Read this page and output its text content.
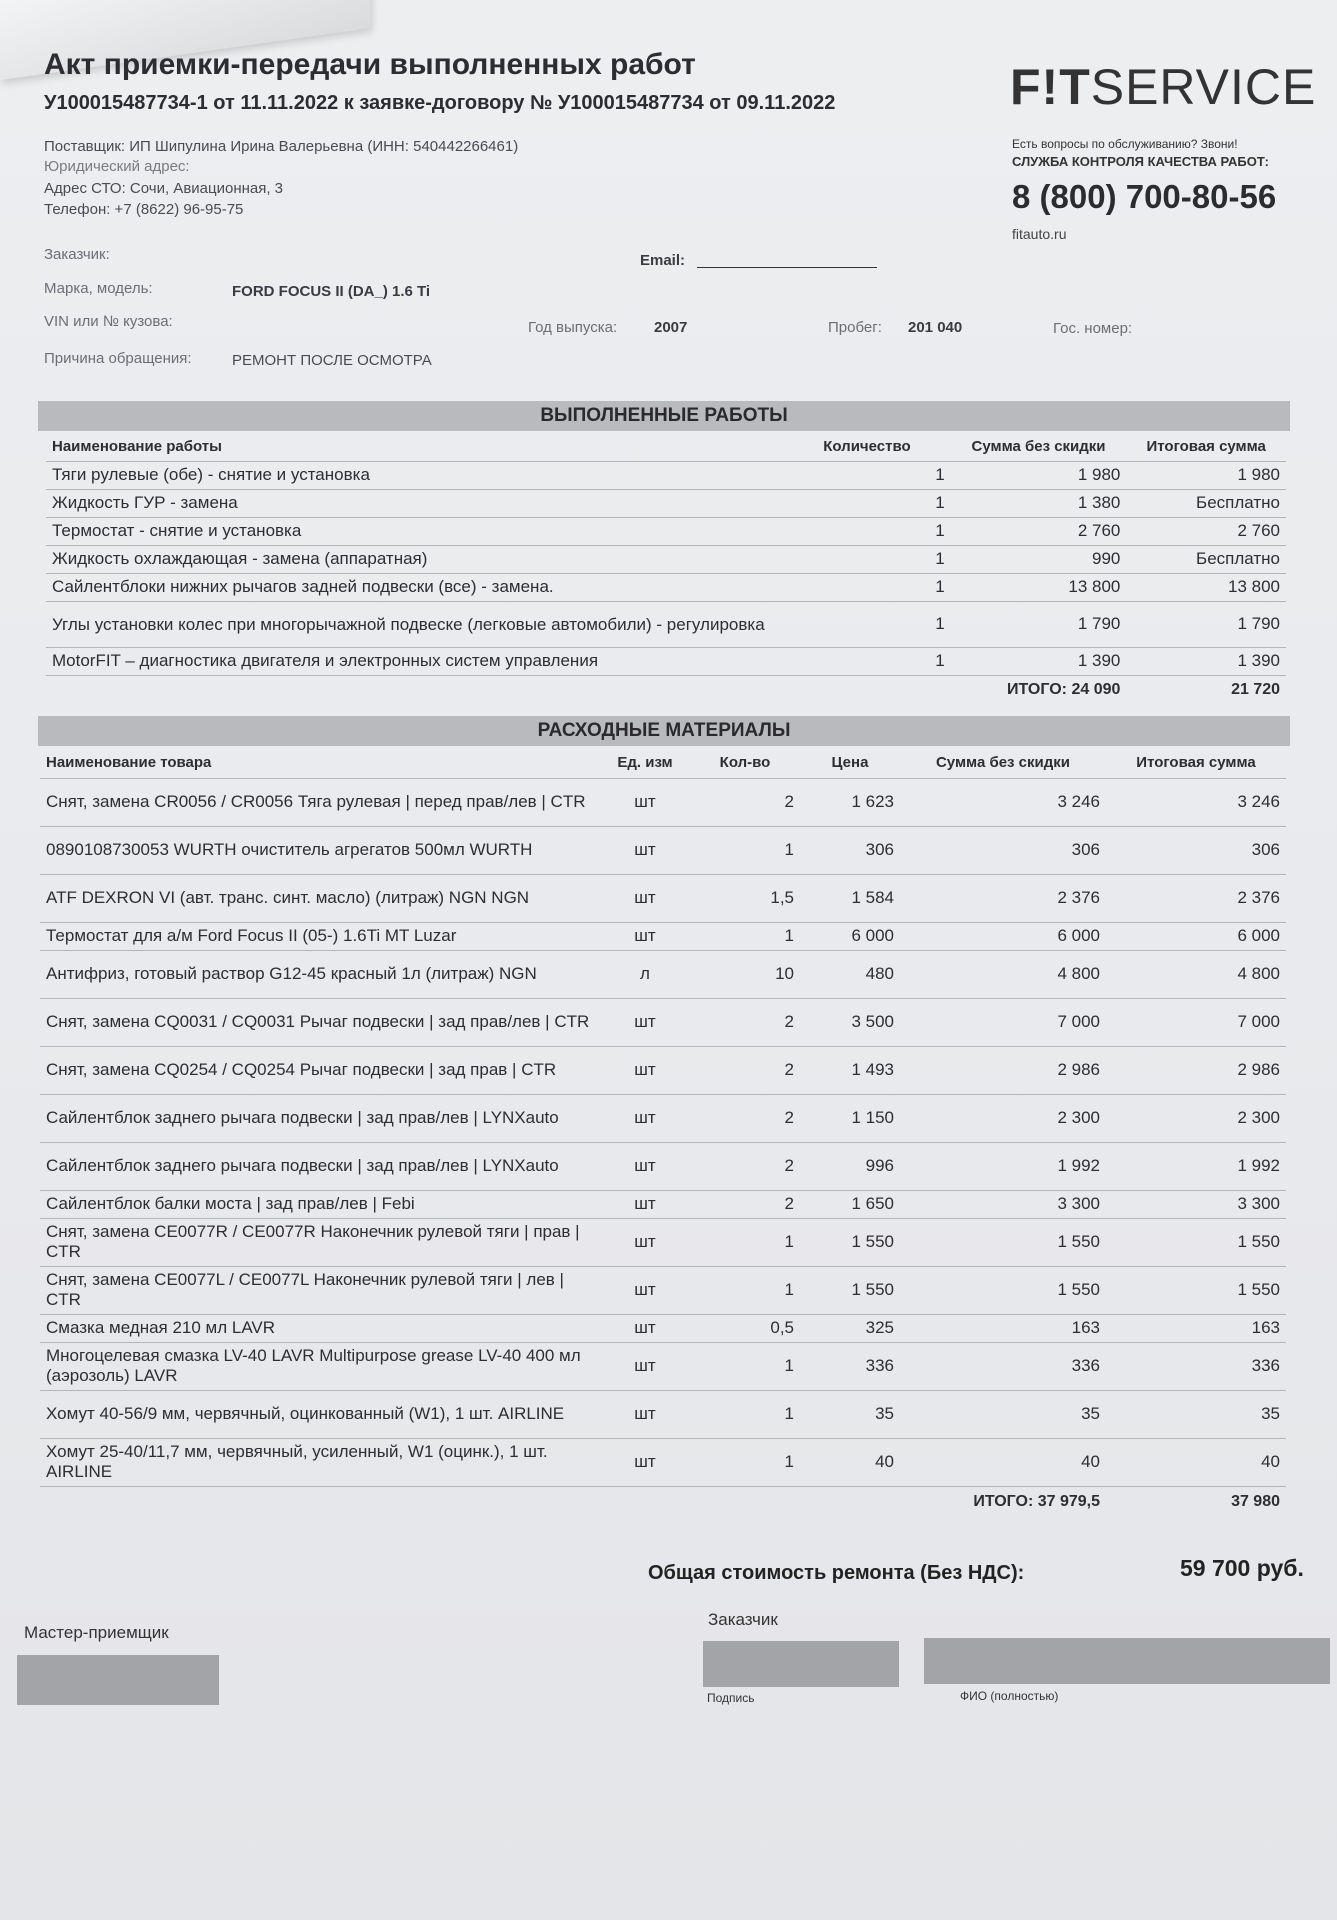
Акт приемки-передачи выполненных работ
У100015487734-1 от 11.11.2022 к заявке-договору № У100015487734 от 09.11.2022
Поставщик: ИП Шипулина Ирина Валерьевна (ИНН: 540442266461)
Юридический адрес:
Адрес СТО: Сочи, Авиационная, 3
Телефон: +7 (8622) 96-95-75
F!TSERVICE
Есть вопросы по обслуживанию? Звони!
СЛУЖБА КОНТРОЛЯ КАЧЕСТВА РАБОТ:
8 (800) 700-80-56
fitauto.ru
Заказчик:	Email:
Марка, модель:	FORD FOCUS II (DA_) 1.6 Ti
VIN или № кузова:	Год выпуска: 2007	Пробег: 201 040	Гос. номер:
Причина обращения:	РЕМОНТ ПОСЛЕ ОСМОТРА
ВЫПОЛНЕННЫЕ РАБОТЫ
Наименование работы	Количество	Сумма без скидки	Итоговая сумма
Тяги рулевые (обе) - снятие и установка	1	1 980	1 980
Жидкость ГУР - замена	1	1 380	Бесплатно
Термостат - снятие и установка	1	2 760	2 760
Жидкость охлаждающая - замена (аппаратная)	1	990	Бесплатно
Сайлентблоки нижних рычагов задней подвески (все) - замена.	1	13 800	13 800
Углы установки колес при многорычажной подвеске (легковые автомобили) - регулировка	1	1 790	1 790
MotorFIT – диагностика двигателя и электронных систем управления	1	1 390	1 390
	ИТОГО: 24 090		21 720
РАСХОДНЫЕ МАТЕРИАЛЫ
Наименование товара	Ед. изм	Кол-во	Цена	Сумма без скидки	Итоговая сумма
Снят, замена CR0056 / CR0056 Тяга рулевая | перед прав/лев | CTR	шт	2	1 623	3 246	3 246
0890108730053 WURTH очиститель агрегатов 500мл WURTH	шт	1	306	306	306
ATF DEXRON VI (авт. транс. синт. масло) (литраж) NGN NGN	шт	1,5	1 584	2 376	2 376
Термостат для а/м Ford Focus II (05-) 1.6Ti MT Luzar	шт	1	6 000	6 000	6 000
Антифриз, готовый раствор G12-45 красный 1л (литраж) NGN	л	10	480	4 800	4 800
Снят, замена CQ0031 / CQ0031 Рычаг подвески | зад прав/лев | CTR	шт	2	3 500	7 000	7 000
Снят, замена CQ0254 / CQ0254 Рычаг подвески | зад прав | CTR	шт	2	1 493	2 986	2 986
Сайлентблок заднего рычага подвески | зад прав/лев | LYNXauto	шт	2	1 150	2 300	2 300
Сайлентблок заднего рычага подвески | зад прав/лев | LYNXauto	шт	2	996	1 992	1 992
Сайлентблок балки моста | зад прав/лев | Febi	шт	2	1 650	3 300	3 300
Снят, замена CE0077R / CE0077R Наконечник рулевой тяги | прав | CTR	шт	1	1 550	1 550	1 550
Снят, замена CE0077L / CE0077L Наконечник рулевой тяги | лев | CTR	шт	1	1 550	1 550	1 550
Смазка медная 210 мл LAVR	шт	0,5	325	163	163
Многоцелевая смазка LV-40 LAVR Multipurpose grease LV-40 400 мл (аэрозоль) LAVR	шт	1	336	336	336
Хомут 40-56/9 мм, червячный, оцинкованный (W1), 1 шт. AIRLINE	шт	1	35	35	35
Хомут 25-40/11,7 мм, червячный, усиленный, W1 (оцинк.), 1 шт. AIRLINE	шт	1	40	40	40
				ИТОГО: 37 979,5	37 980
Общая стоимость ремонта (Без НДС):	59 700 руб.
Мастер-приемщик
Заказчик
Подпись	ФИО (полностью)
